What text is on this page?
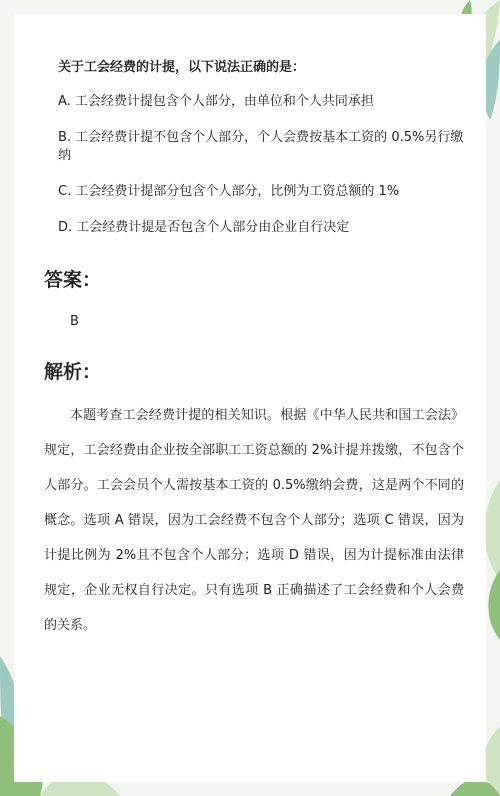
关于工会经费的计提，以下说法正确的是：
A. 工会经费计提包含个人部分，由单位和个人共同承担
B. 工会经费计提不包含个人部分，个人会费按基本工资的 0.5%另行缴纳
C. 工会经费计提部分包含个人部分，比例为工资总额的 1%
D. 工会经费计提是否包含个人部分由企业自行决定
答案：
B
解析：
本题考查工会经费计提的相关知识。根据《中华人民共和国工会法》规定，工会经费由企业按全部职工工资总额的 2%计提并拨缴，不包含个人部分。工会会员个人需按基本工资的 0.5%缴纳会费，这是两个不同的概念。选项 A 错误，因为工会经费不包含个人部分；选项 C 错误，因为计提比例为 2%且不包含个人部分；选项 D 错误，因为计提标准由法律规定，企业无权自行决定。只有选项 B 正确描述了工会经费和个人会费的关系。
